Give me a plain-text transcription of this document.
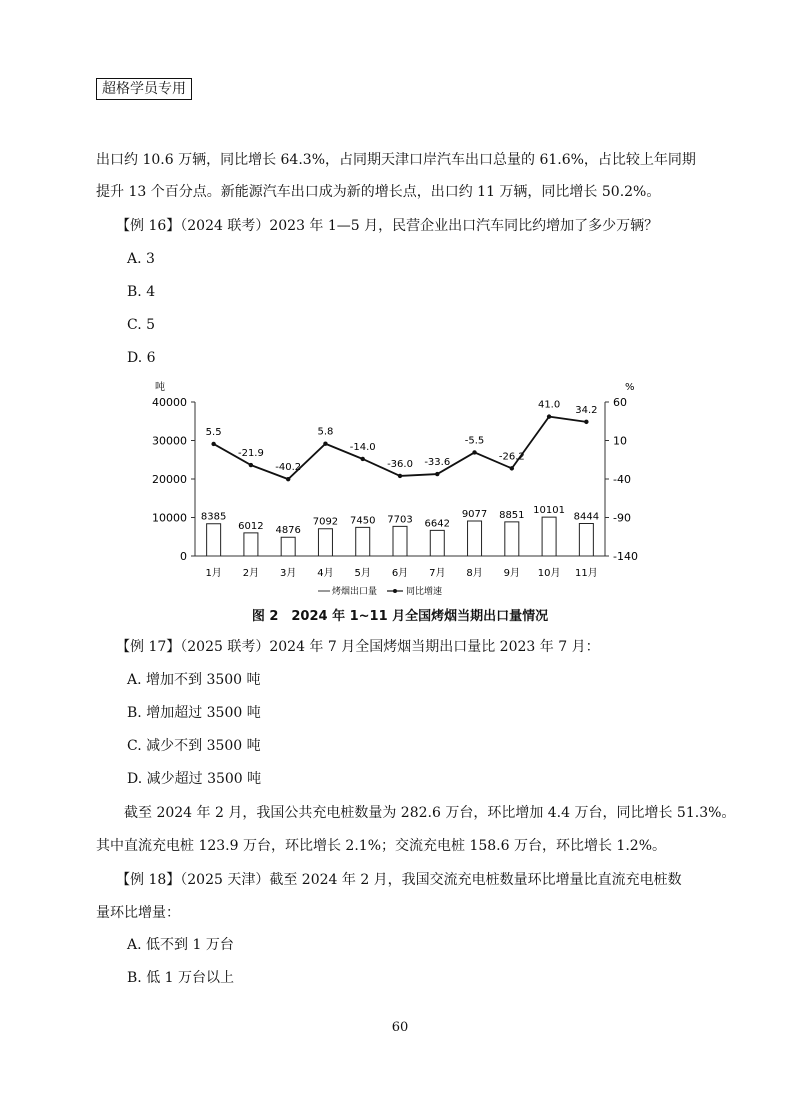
超格学员专用
出口约 10.6 万辆，同比增长 64.3%，占同期天津口岸汽车出口总量的 61.6%，占比较上年同期
提升 13 个百分点。新能源汽车出口成为新的增长点，出口约 11 万辆，同比增长 50.2%。
【例 16】（2024 联考）2023 年 1—5 月，民营企业出口汽车同比约增加了多少万辆？
A. 3
B. 4
C. 5
D. 6
吨	%
40000
30000
20000
10000
0
60
10
-40
-90
-140
8385
6012 4876
7092 7450 7703 6642
9077 8851 10101
8444
5.5
-21.9
-40.2
5.8
-14.0
-36.0 -33.6
-5.5
-26.2
41.0 34.2
1月 2月 3月 4月 5月 6月 7月 8月 9月 10月 11月
烤烟出口量	同比增速
图 2　2024 年 1~11 月全国烤烟当期出口量情况
【例 17】（2025 联考）2024 年 7 月全国烤烟当期出口量比 2023 年 7 月：
A. 增加不到 3500 吨
B. 增加超过 3500 吨
C. 减少不到 3500 吨
D. 减少超过 3500 吨
截至 2024 年 2 月，我国公共充电桩数量为 282.6 万台，环比增加 4.4 万台，同比增长 51.3%。
其中直流充电桩 123.9 万台，环比增长 2.1%；交流充电桩 158.6 万台，环比增长 1.2%。
【例 18】（2025 天津）截至 2024 年 2 月，我国交流充电桩数量环比增量比直流充电桩数
量环比增量：
A. 低不到 1 万台
B. 低 1 万台以上
60
